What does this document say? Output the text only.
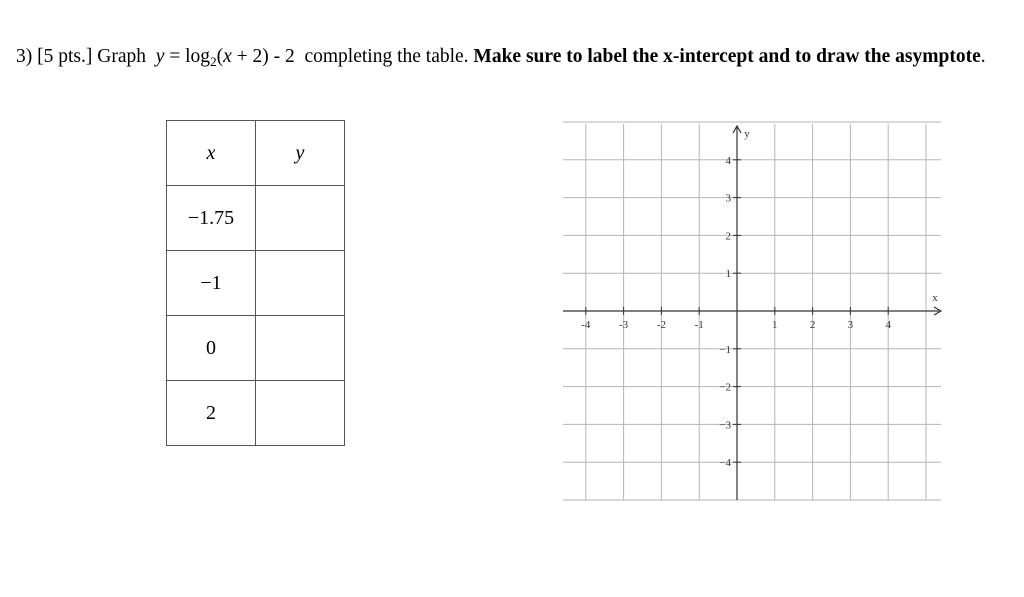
3) [5 pts.] Graph $y = \log_2(x + 2) - 2$ completing the table. Make sure to label the x-intercept and to draw the asymptote.
x	y
−1.75	
−1	
0	
2	
-4	-3	-2	-1	1	2	3	4
4
3
2
1
−1
−2
−3
−4
x
y
